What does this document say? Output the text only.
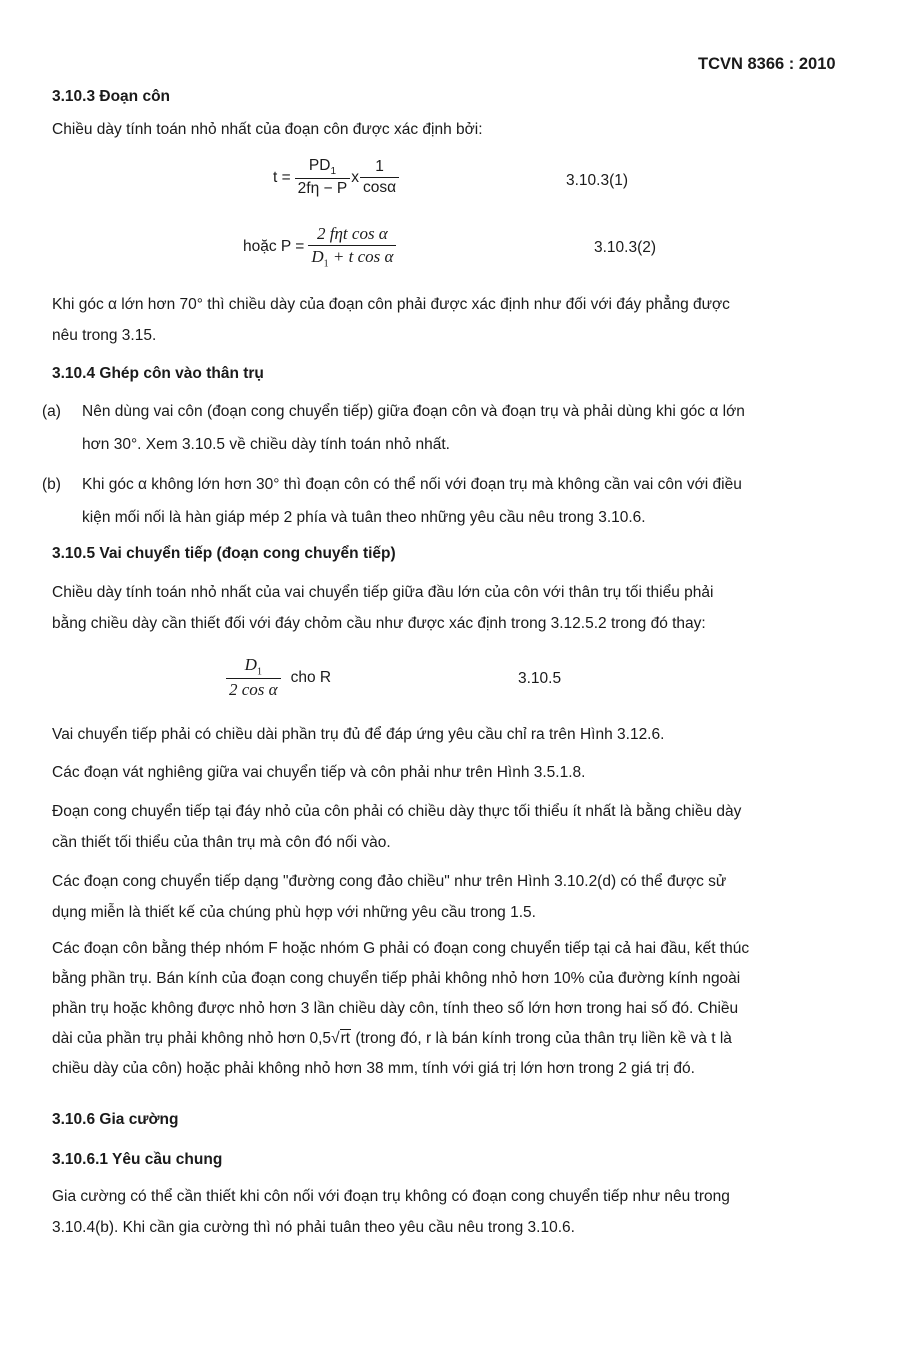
TCVN 8366 : 2010
3.10.3 Đoạn côn
Chiều dày tính toán nhỏ nhất của đoạn côn được xác định bởi:
$t = \frac{PD_1}{2f\eta - P}$ x $\frac{1}{\cos\alpha}$	3.10.3(1)
hoặc $P = \frac{\text{2 fηt cos α}}{D_1 + t \cos \alpha}$	3.10.3(2)
Khi góc α lớn hơn 70° thì chiều dày của đoạn côn phải được xác định như đối với đáy phẳng được
nêu trong 3.15.
3.10.4 Ghép côn vào thân trụ
(a) Nên dùng vai côn (đoạn cong chuyển tiếp) giữa đoạn côn và đoạn trụ và phải dùng khi góc α lớn
hơn 30°. Xem 3.10.5 về chiều dày tính toán nhỏ nhất.
(b) Khi góc α không lớn hơn 30° thì đoạn côn có thể nối với đoạn trụ mà không cần vai côn với điều
kiện mối nối là hàn giáp mép 2 phía và tuân theo những yêu cầu nêu trong 3.10.6.
3.10.5 Vai chuyển tiếp (đoạn cong chuyển tiếp)
Chiều dày tính toán nhỏ nhất của vai chuyển tiếp giữa đầu lớn của côn với thân trụ tối thiểu phải
bằng chiều dày cần thiết đối với đáy chỏm cầu như được xác định trong 3.12.5.2 trong đó thay:
$\frac{D_1}{\text{2 cos α}}$ cho R	3.10.5
Vai chuyển tiếp phải có chiều dài phần trụ đủ để đáp ứng yêu cầu chỉ ra trên Hình 3.12.6.
Các đoạn vát nghiêng giữa vai chuyển tiếp và côn phải như trên Hình 3.5.1.8.
Đoạn cong chuyển tiếp tại đáy nhỏ của côn phải có chiều dày thực tối thiểu ít nhất là bằng chiều dày
cần thiết tối thiểu của thân trụ mà côn đó nối vào.
Các đoạn cong chuyển tiếp dạng "đường cong đảo chiều" như trên Hình 3.10.2(d) có thể được sử
dụng miễn là thiết kế của chúng phù hợp với những yêu cầu trong 1.5.
Các đoạn côn bằng thép nhóm F hoặc nhóm G phải có đoạn cong chuyển tiếp tại cả hai đầu, kết thúc
bằng phần trụ. Bán kính của đoạn cong chuyển tiếp phải không nhỏ hơn 10% của đường kính ngoài
phần trụ hoặc không được nhỏ hơn 3 lần chiều dày côn, tính theo số lớn hơn trong hai số đó. Chiều
dài của phần trụ phải không nhỏ hơn 0,5√rt (trong đó, r là bán kính trong của thân trụ liền kề và t là
chiều dày của côn) hoặc phải không nhỏ hơn 38 mm, tính với giá trị lớn hơn trong 2 giá trị đó.
3.10.6 Gia cường
3.10.6.1 Yêu cầu chung
Gia cường có thể cần thiết khi côn nối với đoạn trụ không có đoạn cong chuyển tiếp như nêu trong
3.10.4(b). Khi cần gia cường thì nó phải tuân theo yêu cầu nêu trong 3.10.6.
